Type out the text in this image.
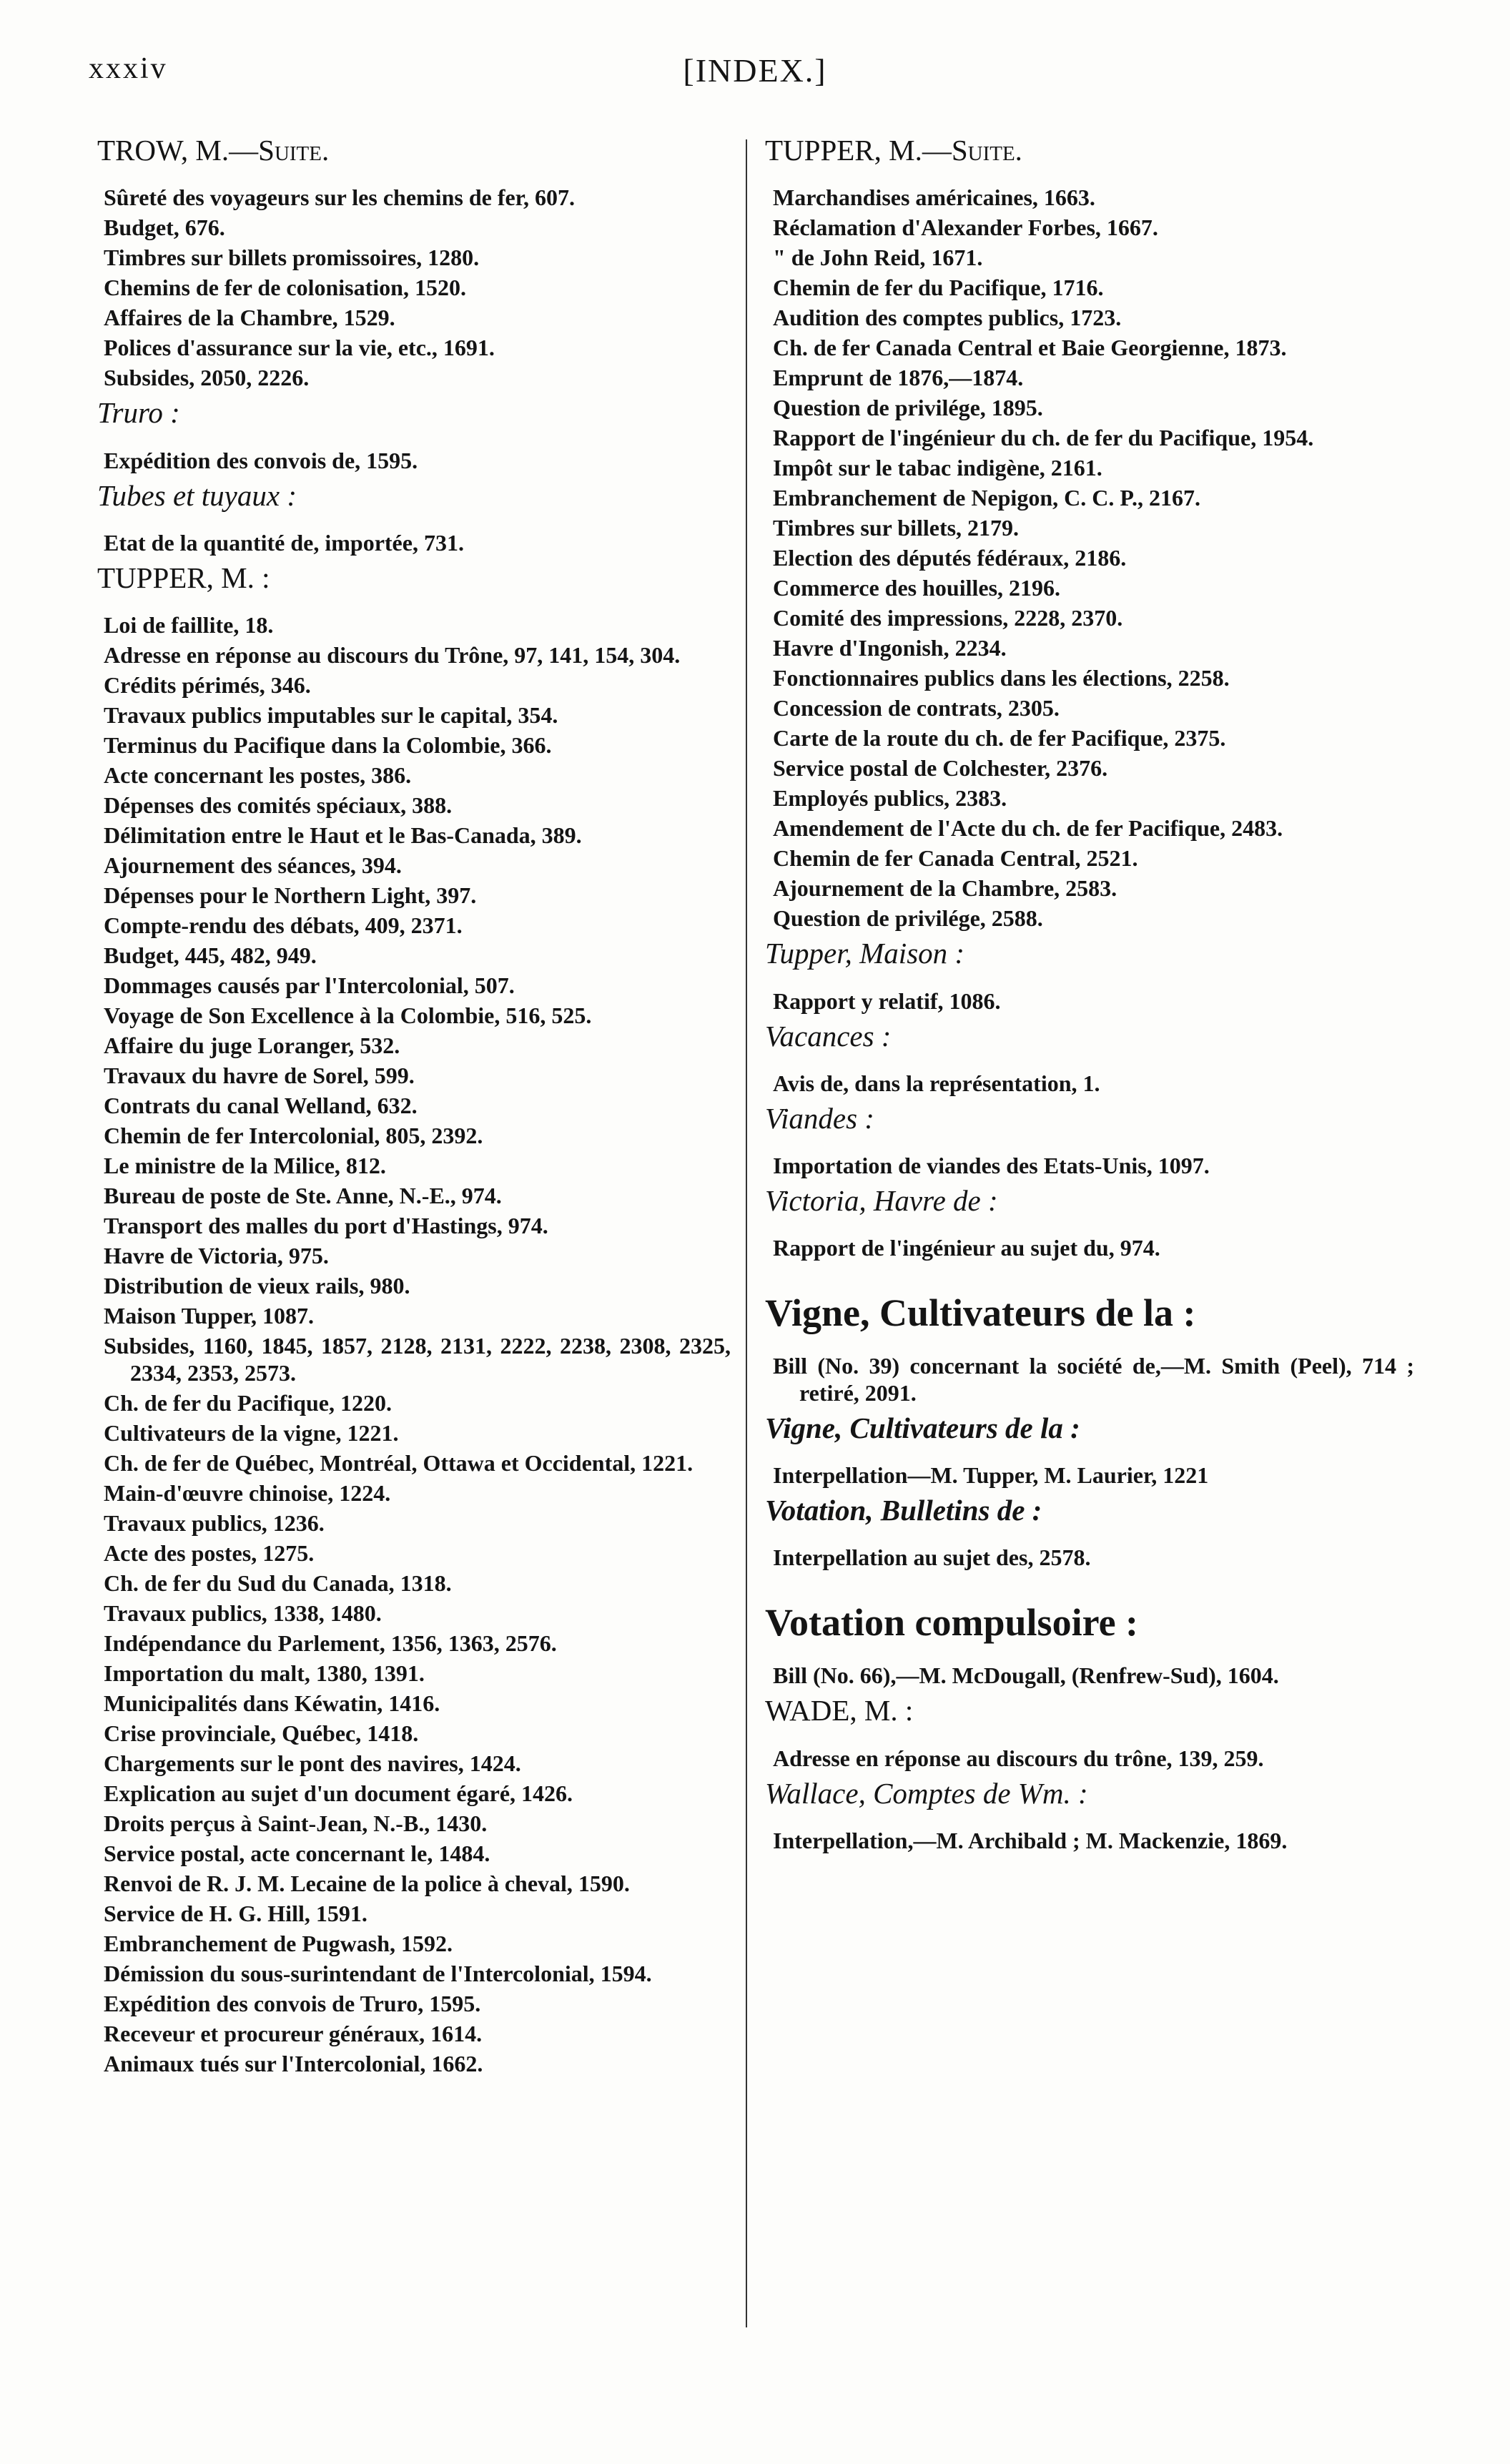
xxxiv	[INDEX.]
TROW, M.—Suite.
Sûreté des voyageurs sur les chemins de fer, 607.
Budget, 676.
Timbres sur billets promissoires, 1280.
Chemins de fer de colonisation, 1520.
Affaires de la Chambre, 1529.
Polices d'assurance sur la vie, etc., 1691.
Subsides, 2050, 2226.
Truro :
Expédition des convois de, 1595.
Tubes et tuyaux :
Etat de la quantité de, importée, 731.
TUPPER, M. :
Loi de faillite, 18.
Adresse en réponse au discours du Trône, 97, 141, 154, 304.
Crédits périmés, 346.
Travaux publics imputables sur le capital, 354.
Terminus du Pacifique dans la Colombie, 366.
Acte concernant les postes, 386.
Dépenses des comités spéciaux, 388.
Délimitation entre le Haut et le Bas-Canada, 389.
Ajournement des séances, 394.
Dépenses pour le Northern Light, 397.
Compte-rendu des débats, 409, 2371.
Budget, 445, 482, 949.
Dommages causés par l'Intercolonial, 507.
Voyage de Son Excellence à la Colombie, 516, 525.
Affaire du juge Loranger, 532.
Travaux du havre de Sorel, 599.
Contrats du canal Welland, 632.
Chemin de fer Intercolonial, 805, 2392.
Le ministre de la Milice, 812.
Bureau de poste de Ste. Anne, N.-E., 974.
Transport des malles du port d'Hastings, 974.
Havre de Victoria, 975.
Distribution de vieux rails, 980.
Maison Tupper, 1087.
Subsides, 1160, 1845, 1857, 2128, 2131, 2222, 2238, 2308, 2325, 2334, 2353, 2573.
Ch. de fer du Pacifique, 1220.
Cultivateurs de la vigne, 1221.
Ch. de fer de Québec, Montréal, Ottawa et Occidental, 1221.
Main-d'œuvre chinoise, 1224.
Travaux publics, 1236.
Acte des postes, 1275.
Ch. de fer du Sud du Canada, 1318.
Travaux publics, 1338, 1480.
Indépendance du Parlement, 1356, 1363, 2576.
Importation du malt, 1380, 1391.
Municipalités dans Kéwatin, 1416.
Crise provinciale, Québec, 1418.
Chargements sur le pont des navires, 1424.
Explication au sujet d'un document égaré, 1426.
Droits perçus à Saint-Jean, N.-B., 1430.
Service postal, acte concernant le, 1484.
Renvoi de R. J. M. Lecaine de la police à cheval, 1590.
Service de H. G. Hill, 1591.
Embranchement de Pugwash, 1592.
Démission du sous-surintendant de l'Intercolonial, 1594.
Expédition des convois de Truro, 1595.
Receveur et procureur généraux, 1614.
Animaux tués sur l'Intercolonial, 1662.
TUPPER, M.—Suite.
Marchandises américaines, 1663.
Réclamation d'Alexander Forbes, 1667.
" de John Reid, 1671.
Chemin de fer du Pacifique, 1716.
Audition des comptes publics, 1723.
Ch. de fer Canada Central et Baie Georgienne, 1873.
Emprunt de 1876,—1874.
Question de privilége, 1895.
Rapport de l'ingénieur du ch. de fer du Pacifique, 1954.
Impôt sur le tabac indigène, 2161.
Embranchement de Nepigon, C. C. P., 2167.
Timbres sur billets, 2179.
Election des députés fédéraux, 2186.
Commerce des houilles, 2196.
Comité des impressions, 2228, 2370.
Havre d'Ingonish, 2234.
Fonctionnaires publics dans les élections, 2258.
Concession de contrats, 2305.
Carte de la route du ch. de fer Pacifique, 2375.
Service postal de Colchester, 2376.
Employés publics, 2383.
Amendement de l'Acte du ch. de fer Pacifique, 2483.
Chemin de fer Canada Central, 2521.
Ajournement de la Chambre, 2583.
Question de privilége, 2588.
Tupper, Maison :
Rapport y relatif, 1086.
Vacances :
Avis de, dans la représentation, 1.
Viandes :
Importation de viandes des Etats-Unis, 1097.
Victoria, Havre de :
Rapport de l'ingénieur au sujet du, 974.
Vigne, Cultivateurs de la :
Bill (No. 39) concernant la société de,—M. Smith (Peel), 714 ; retiré, 2091.
Vigne, Cultivateurs de la :
Interpellation—M. Tupper, M. Laurier, 1221
Votation, Bulletins de :
Interpellation au sujet des, 2578.
Votation compulsoire :
Bill (No. 66),—M. McDougall, (Renfrew-Sud), 1604.
WADE, M. :
Adresse en réponse au discours du trône, 139, 259.
Wallace, Comptes de Wm. :
Interpellation,—M. Archibald ; M. Mackenzie, 1869.
